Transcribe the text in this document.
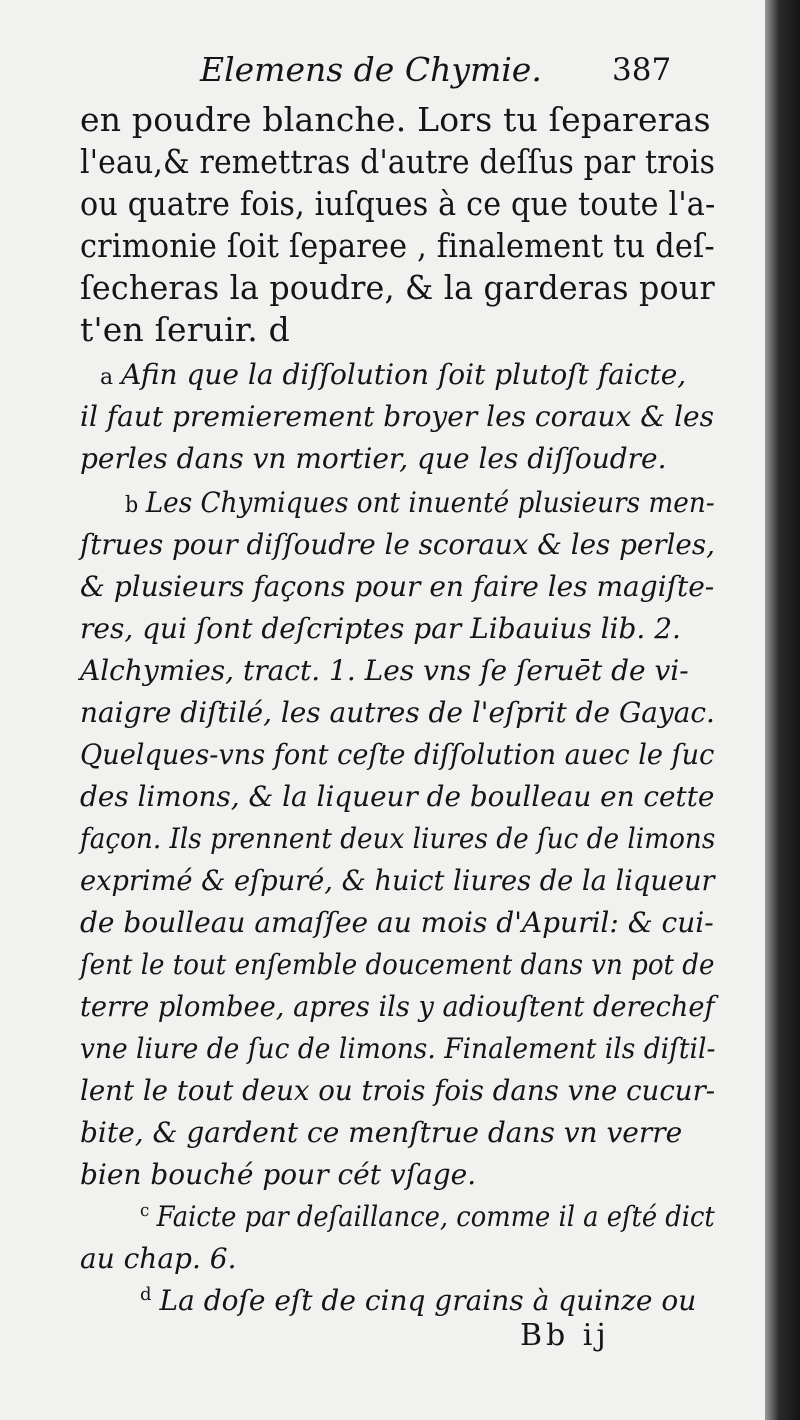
Elemens de Chymie. 387
en poudre blanche. Lors tu ſepareras
l'eau,& remettras d'autre deſſus par trois
ou quatre fois, iuſques à ce que toute l'a-
crimonie ſoit ſeparee , finalement tu deſ-
ſecheras la poudre, & la garderas pour
t'en ſeruir. d
a Afin que la diſſolution ſoit plutoſt faicte,
il faut premierement broyer les coraux & les
perles dans vn mortier, que les diſſoudre.
b Les Chymiques ont inuenté plusieurs men-
ſtrues pour diſſoudre le scoraux & les perles,
& plusieurs façons pour en faire les magiſte-
res, qui ſont deſcriptes par Libauius lib. 2.
Alchymies, tract. 1. Les vns ſe ſeruēt de vi-
naigre diſtilé, les autres de l'eſprit de Gayac.
Quelques-vns font ceſte diſſolution auec le ſuc
des limons, & la liqueur de boulleau en cette
façon. Ils prennent deux liures de ſuc de limons
exprimé & eſpuré, & huict liures de la liqueur
de boulleau amaſſee au mois d'Apuril: & cui-
ſent le tout enſemble doucement dans vn pot de
terre plombee, apres ils y adiouſtent derechef
vne liure de ſuc de limons. Finalement ils diſtil-
lent le tout deux ou trois fois dans vne cucur-
bite, & gardent ce menſtrue dans vn verre
bien bouché pour cét vſage.
$^c$ Faicte par deſaillance, comme il a eſté dict
au chap. 6.
$^d$ La doſe eſt de cinq grains à quinze ou
Bb ij
